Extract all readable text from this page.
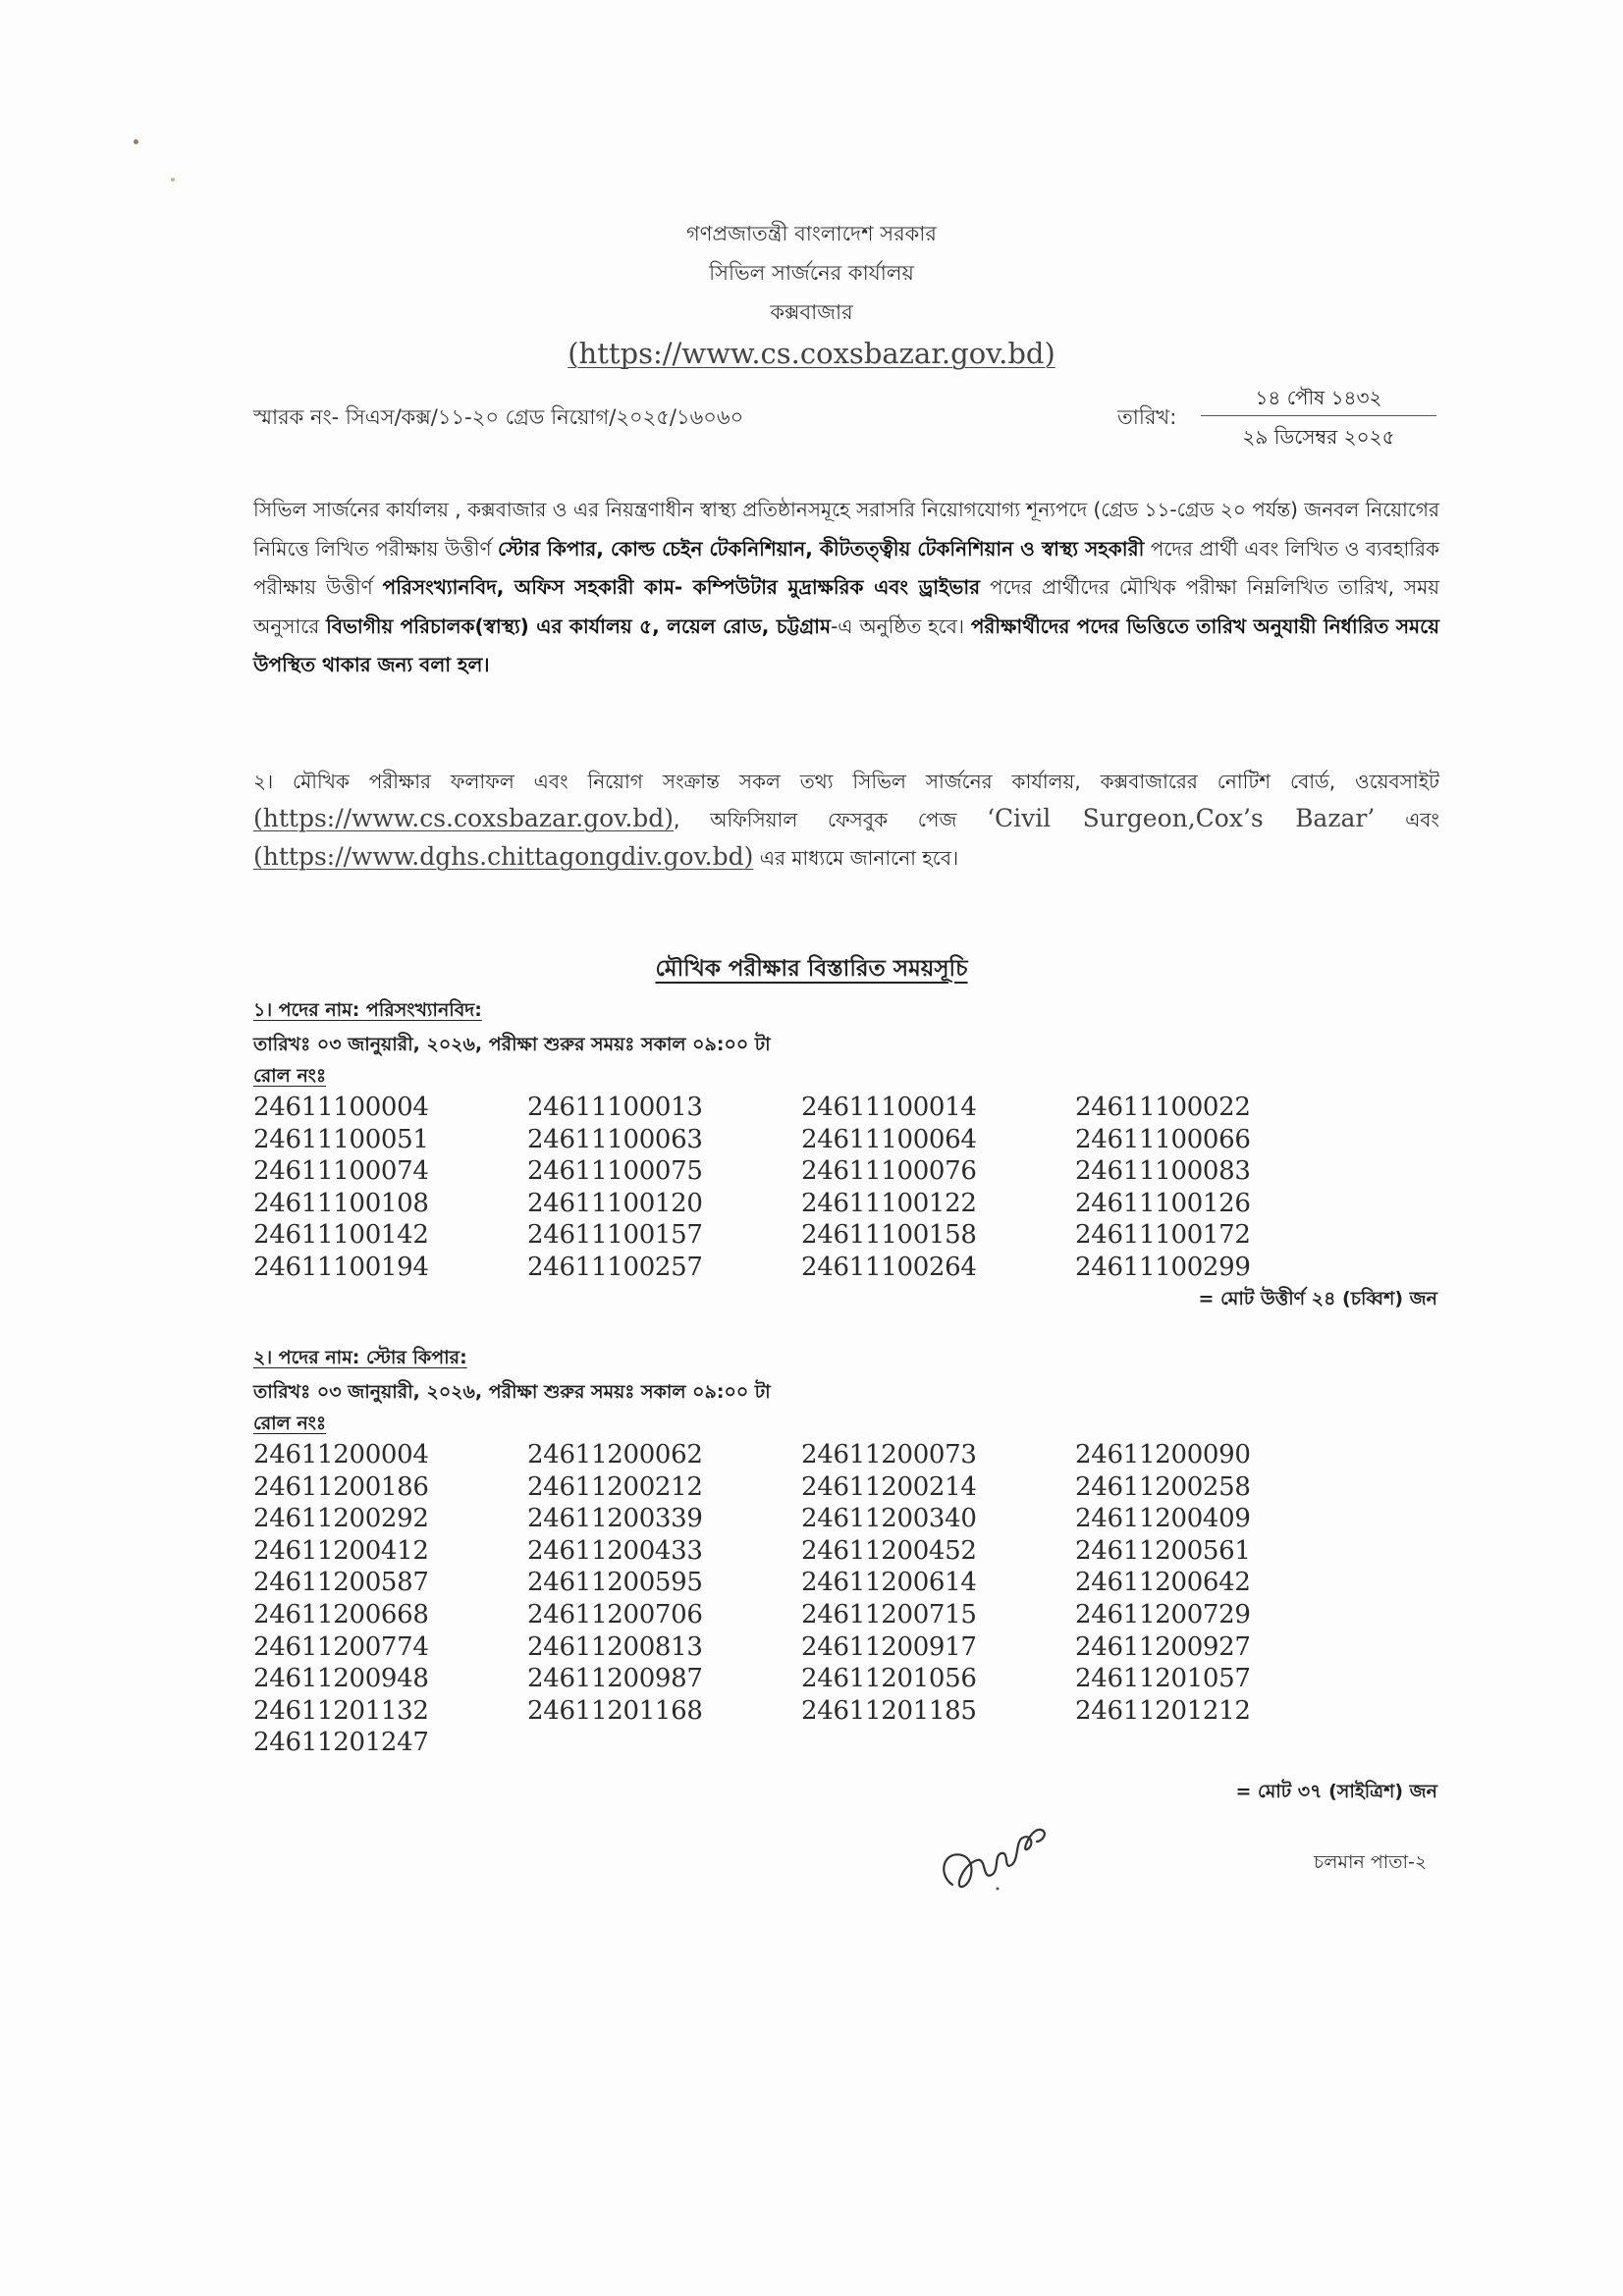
গণপ্রজাতন্ত্রী বাংলাদেশ সরকার
সিভিল সার্জনের কার্যালয়
কক্সবাজার
(https://www.cs.coxsbazar.gov.bd)
স্মারক নং- সিএস/কক্স/১১-২০ গ্রেড নিয়োগ/২০২৫/১৬০৬০	তারিখ:
১৪ পৌষ ১৪৩২
২৯ ডিসেম্বর ২০২৫
সিভিল সার্জনের কার্যালয় , কক্সবাজার ও এর নিয়ন্ত্রণাধীন স্বাস্থ্য প্রতিষ্ঠানসমূহে সরাসরি নিয়োগযোগ্য শূন্যপদে (গ্রেড ১১-গ্রেড ২০ পর্যন্ত) জনবল নিয়োগের নিমিত্তে লিখিত পরীক্ষায় উত্তীর্ণ স্টোর কিপার, কোল্ড চেইন টেকনিশিয়ান, কীটতত্ত্বীয় টেকনিশিয়ান ও স্বাস্থ্য সহকারী পদের প্রার্থী এবং লিখিত ও ব্যবহারিক পরীক্ষায় উত্তীর্ণ পরিসংখ্যানবিদ, অফিস সহকারী কাম- কম্পিউটার মুদ্রাক্ষরিক এবং ড্রাইভার পদের প্রার্থীদের মৌখিক পরীক্ষা নিম্নলিখিত তারিখ, সময় অনুসারে বিভাগীয় পরিচালক(স্বাস্থ্য) এর কার্যালয় ৫, লয়েল রোড, চট্টগ্রাম-এ অনুষ্ঠিত হবে। পরীক্ষার্থীদের পদের ভিত্তিতে তারিখ অনুযায়ী নির্ধারিত সময়ে উপস্থিত থাকার জন্য বলা হল।
২। মৌখিক পরীক্ষার ফলাফল এবং নিয়োগ সংক্রান্ত সকল তথ্য সিভিল সার্জনের কার্যালয়, কক্সবাজারের নোটিশ বোর্ড, ওয়েবসাইট (https://www.cs.coxsbazar.gov.bd), অফিসিয়াল ফেসবুক পেজ ‘Civil Surgeon,Cox’s Bazar’ এবং (https://www.dghs.chittagongdiv.gov.bd) এর মাধ্যমে জানানো হবে।
মৌখিক পরীক্ষার বিস্তারিত সময়সূচি
১। পদের নাম: পরিসংখ্যানবিদ:
তারিখঃ ০৩ জানুয়ারী, ২০২৬, পরীক্ষা শুরুর সময়ঃ সকাল ০৯:০০ টা
রোল নংঃ
24611100004	24611100013	24611100014	24611100022
24611100051	24611100063	24611100064	24611100066
24611100074	24611100075	24611100076	24611100083
24611100108	24611100120	24611100122	24611100126
24611100142	24611100157	24611100158	24611100172
24611100194	24611100257	24611100264	24611100299
= মোট উত্তীর্ণ ২৪ (চব্বিশ) জন
২। পদের নাম: স্টোর কিপার:
তারিখঃ ০৩ জানুয়ারী, ২০২৬, পরীক্ষা শুরুর সময়ঃ সকাল ০৯:০০ টা
রোল নংঃ
24611200004	24611200062	24611200073	24611200090
24611200186	24611200212	24611200214	24611200258
24611200292	24611200339	24611200340	24611200409
24611200412	24611200433	24611200452	24611200561
24611200587	24611200595	24611200614	24611200642
24611200668	24611200706	24611200715	24611200729
24611200774	24611200813	24611200917	24611200927
24611200948	24611200987	24611201056	24611201057
24611201132	24611201168	24611201185	24611201212
24611201247
= মোট ৩৭ (সাইত্রিশ) জন
চলমান পাতা-২
